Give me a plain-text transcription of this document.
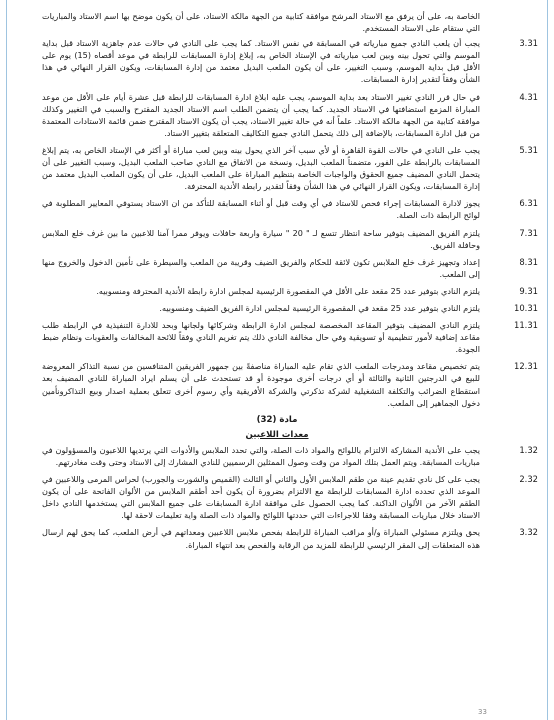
الخاصة به، على أن يرفق مع الاستاد المرشح موافقة كتابية من الجهة مالكة الاستاد، على أن يكون موضح بها اسم الاستاد والمباريات التي ستقام على الاستاد المستخدم.
3.31
يجب أن يلعب النادي جميع مبارياته في المسابقة في نفس الاستاد. كما يجب على النادي في حالات عدم جاهزية الاستاد قبل بداية الموسم والتي تحول بينه وبين لعب مبارياته في الإستاد الخاص به، إبلاغ إدارة المسابقات للرابطة في موعد أقصاه (15) يوم على الأقل قبل بداية الموسم، وسبب التغيير، على أن يكون الملعب البديل معتمد من إدارة المسابقات، ويكون القرار النهائي في هذا الشأن وفقاً لتقدير إدارة المسابقات.
4.31
في حال قرر النادي تغيير الاستاد بعد بداية الموسم، يجب عليه ابلاغ ادارة المسابقات للرابطة قبل عشرة أيام على الأقل من موعد المباراة المزمع استضافتها في الاستاد الجديد. كما يجب أن يتضمن الطلب اسم الاستاد الجديد المقترح والسبب في التغيير وكذلك موافقة كتابية من الجهة مالكة الاستاد. علماً أنه في حالة تغيير الاستاد، يجب أن يكون الاستاد المقترح ضمن قائمة الاستادات المعتمدة من قبل ادارة المسابقات، بالإضافة إلى ذلك يتحمل النادي جميع التكاليف المتعلقة بتغيير الاستاد.
5.31
يجب على النادي في حالات القوة القاهرة أو لأي سبب آخر الذي يحول بينه وبين لعب مباراة أو أكثر في الإستاد الخاص به، يتم إبلاغ المسابقات بالرابطة على الفور، متضمناً الملعب البديل، ونسخة من الاتفاق مع النادي صاحب الملعب البديل، وسبب التغيير على أن يتحمل النادي المضيف جميع الحقوق والواجبات الخاصة بتنظيم المباراة على الملعب البديل، على أن يكون الملعب البديل معتمد من إدارة المسابقات، ويكون القرار النهائي في هذا الشأن وفقاً لتقدير رابطة الأندية المحترفة.
6.31
يجوز لادارة المسابقات إجراء فحص للاستاد في أي وقت قبل أو أثناء المسابقة للتأكد من ان الاستاد يستوفي المعايير المطلوبة في لوائح الرابطة ذات الصلة.
7.31
يلتزم الفريق المضيف بتوفير ساحة انتظار تتسع لـ " 20 " سيارة واربعة حافلات ويوفر ممرا آمنا للاعبين ما بين غرف خلع الملابس وحافلة الفريق.
8.31
إعداد وتجهيز غرف خلع الملابس تكون لائقة للحكام والفريق الضيف وقريبة من الملعب والسيطرة على تأمين الدخول والخروج منها إلى الملعب.
9.31
يلتزم النادي بتوفير عدد 25 مقعد على الأقل في المقصورة الرئيسية لمجلس ادارة رابطة الأندية المحترفة ومنسوبيه.
10.31
يلتزم النادي بتوفير عدد 25 مقعد في المقصورة الرئيسية لمجلس ادارة الفريق الضيف ومنسوبيه.
11.31
يلتزم النادي المضيف بتوفير المقاعد المخصصة لمجلس ادارة الرابطة وشركائها ولجانها وبحد للادارة التنفيذية في الرابطة طلب مقاعد إضافية لأمور تنظيمية أو تسويقية وفي حال مخالفة النادي ذلك يتم تغريم النادي وفقاً للائحة المخالفات والعقوبات ونظام ضبط الجودة.
12.31
يتم تخصيص مقاعد ومدرجات الملعب الذي تقام عليه المباراة مناصفةً بين جمهور الفريقين المتنافسين من نسبة التذاكر المعروضة للبيع في الدرجتين الثانية والثالثة أو أي درجات أخرى موجودة أو قد تستحدث على أن يسلم ايراد المباراة للنادي المضيف بعد استقطاع الضرائب والتكلفة التشغيلية لشركة تذكرتي والشركة الأفريقية وأي رسوم أخرى تتعلق بعملية اصدار وبيع التذاكرونأمين دخول الجماهير إلى الملعب.
مادة (32)
معدات اللاعبين
1.32
يجب على الأندية المشاركة الالتزام باللوائح والمواد ذات الصلة، والتي تحدد الملابس والأدوات التي يرتديها اللاعبون والمسؤولون في مباريات المسابقة. ويتم العمل بتلك المواد من وقت وصول الممثلين الرسميين للنادي المشارك إلى الاستاد وحتى وقت مغادرتهم.
2.32
يجب على كل نادي تقديم عينة من طقم الملابس الأول والثاني أو الثالث (القميص والشورت والجورب) لحراس المرمى واللاعبين في الموعد الذي تحدده ادارة المسابقات للرابطة مع الالتزام بضرورة أن يكون أحد أطقم الملابس من الألوان الفاتحة على أن يكون الطقم الآخر من الألوان الداكنة. كما يجب الحصول على موافقة ادارة المسابقات على جميع الملابس التي يستخدمها النادي داخل الاستاد خلال مباريات المسابقة وفقا للاجراءات التي حددتها اللوائح والمواد ذات الصلة واية تعليمات لاحقة لها.
3.32
يحق ويلتزم مسئولي المباراة و/أو مراقب المباراة للرابطة بفحص ملابس اللاعبين ومعداتهم في أرض الملعب، كما يحق لهم ارسال هذه المتعلقات إلى المقر الرئيسي للرابطة للمزيد من الرقابة والفحص بعد انتهاء المباراة.
33
